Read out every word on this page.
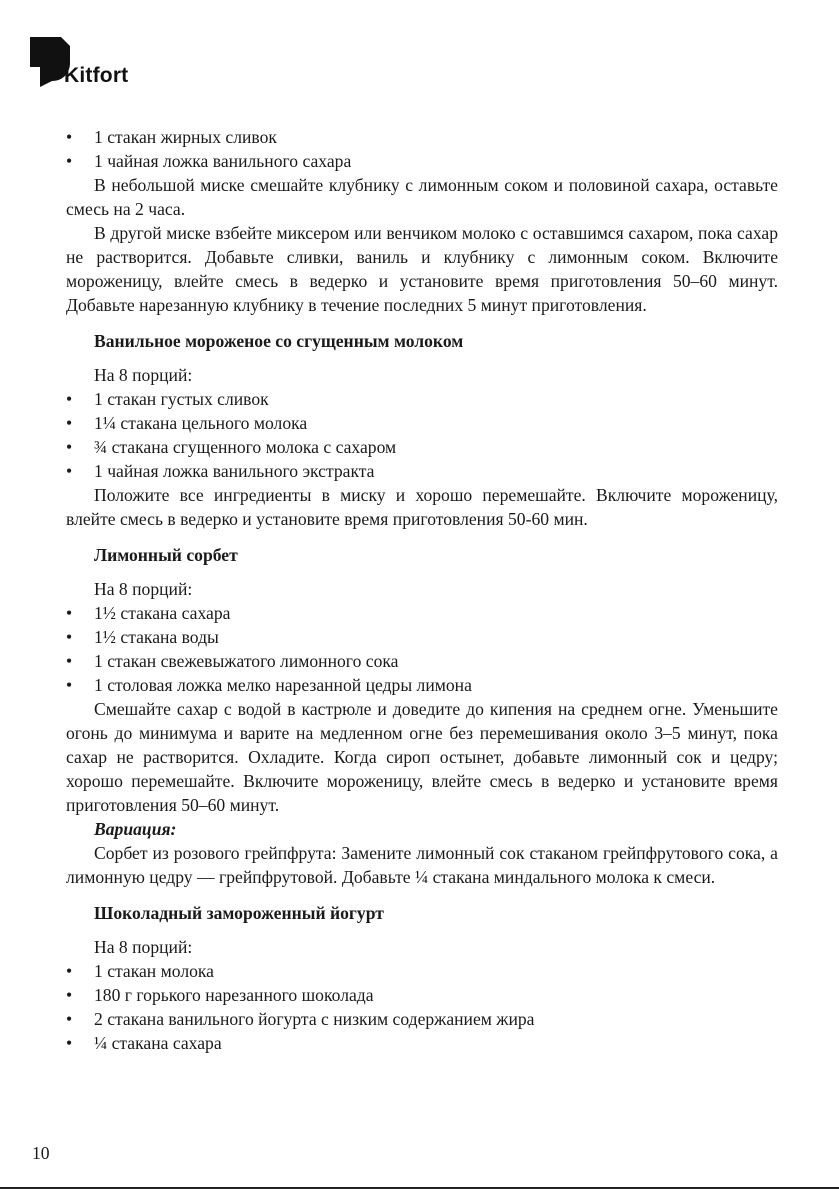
Kitfort
• 1 стакан жирных сливок
• 1 чайная ложка ванильного сахара
В небольшой миске смешайте клубнику с лимонным соком и половиной сахара, оставьте смесь на 2 часа.
В другой миске взбейте миксером или венчиком молоко с оставшимся сахаром, пока сахар не растворится. Добавьте сливки, ваниль и клубнику с лимонным соком. Включите мороженицу, влейте смесь в ведерко и установите время приготовления 50–60 минут. Добавьте нарезанную клубнику в течение последних 5 минут приготовления.
Ванильное мороженое со сгущенным молоком
На 8 порций:
• 1 стакан густых сливок
• 1¼ стакана цельного молока
• ¾ стакана сгущенного молока с сахаром
• 1 чайная ложка ванильного экстракта
Положите все ингредиенты в миску и хорошо перемешайте. Включите мороженицу, влейте смесь в ведерко и установите время приготовления 50-60 мин.
Лимонный сорбет
На 8 порций:
• 1½ стакана сахара
• 1½ стакана воды
• 1 стакан свежевыжатого лимонного сока
• 1 столовая ложка мелко нарезанной цедры лимона
Смешайте сахар с водой в кастрюле и доведите до кипения на среднем огне. Уменьшите огонь до минимума и варите на медленном огне без перемешивания около 3–5 минут, пока сахар не растворится. Охладите. Когда сироп остынет, добавьте лимонный сок и цедру; хорошо перемешайте. Включите мороженицу, влейте смесь в ведерко и установите время приготовления 50–60 минут.
Вариация:
Сорбет из розового грейпфрута: Замените лимонный сок стаканом грейпфрутового сока, а лимонную цедру — грейпфрутовой. Добавьте ¼ стакана миндального молока к смеси.
Шоколадный замороженный йогурт
На 8 порций:
• 1 стакан молока
• 180 г горького нарезанного шоколада
• 2 стакана ванильного йогурта с низким содержанием жира
• ¼ стакана сахара
10
